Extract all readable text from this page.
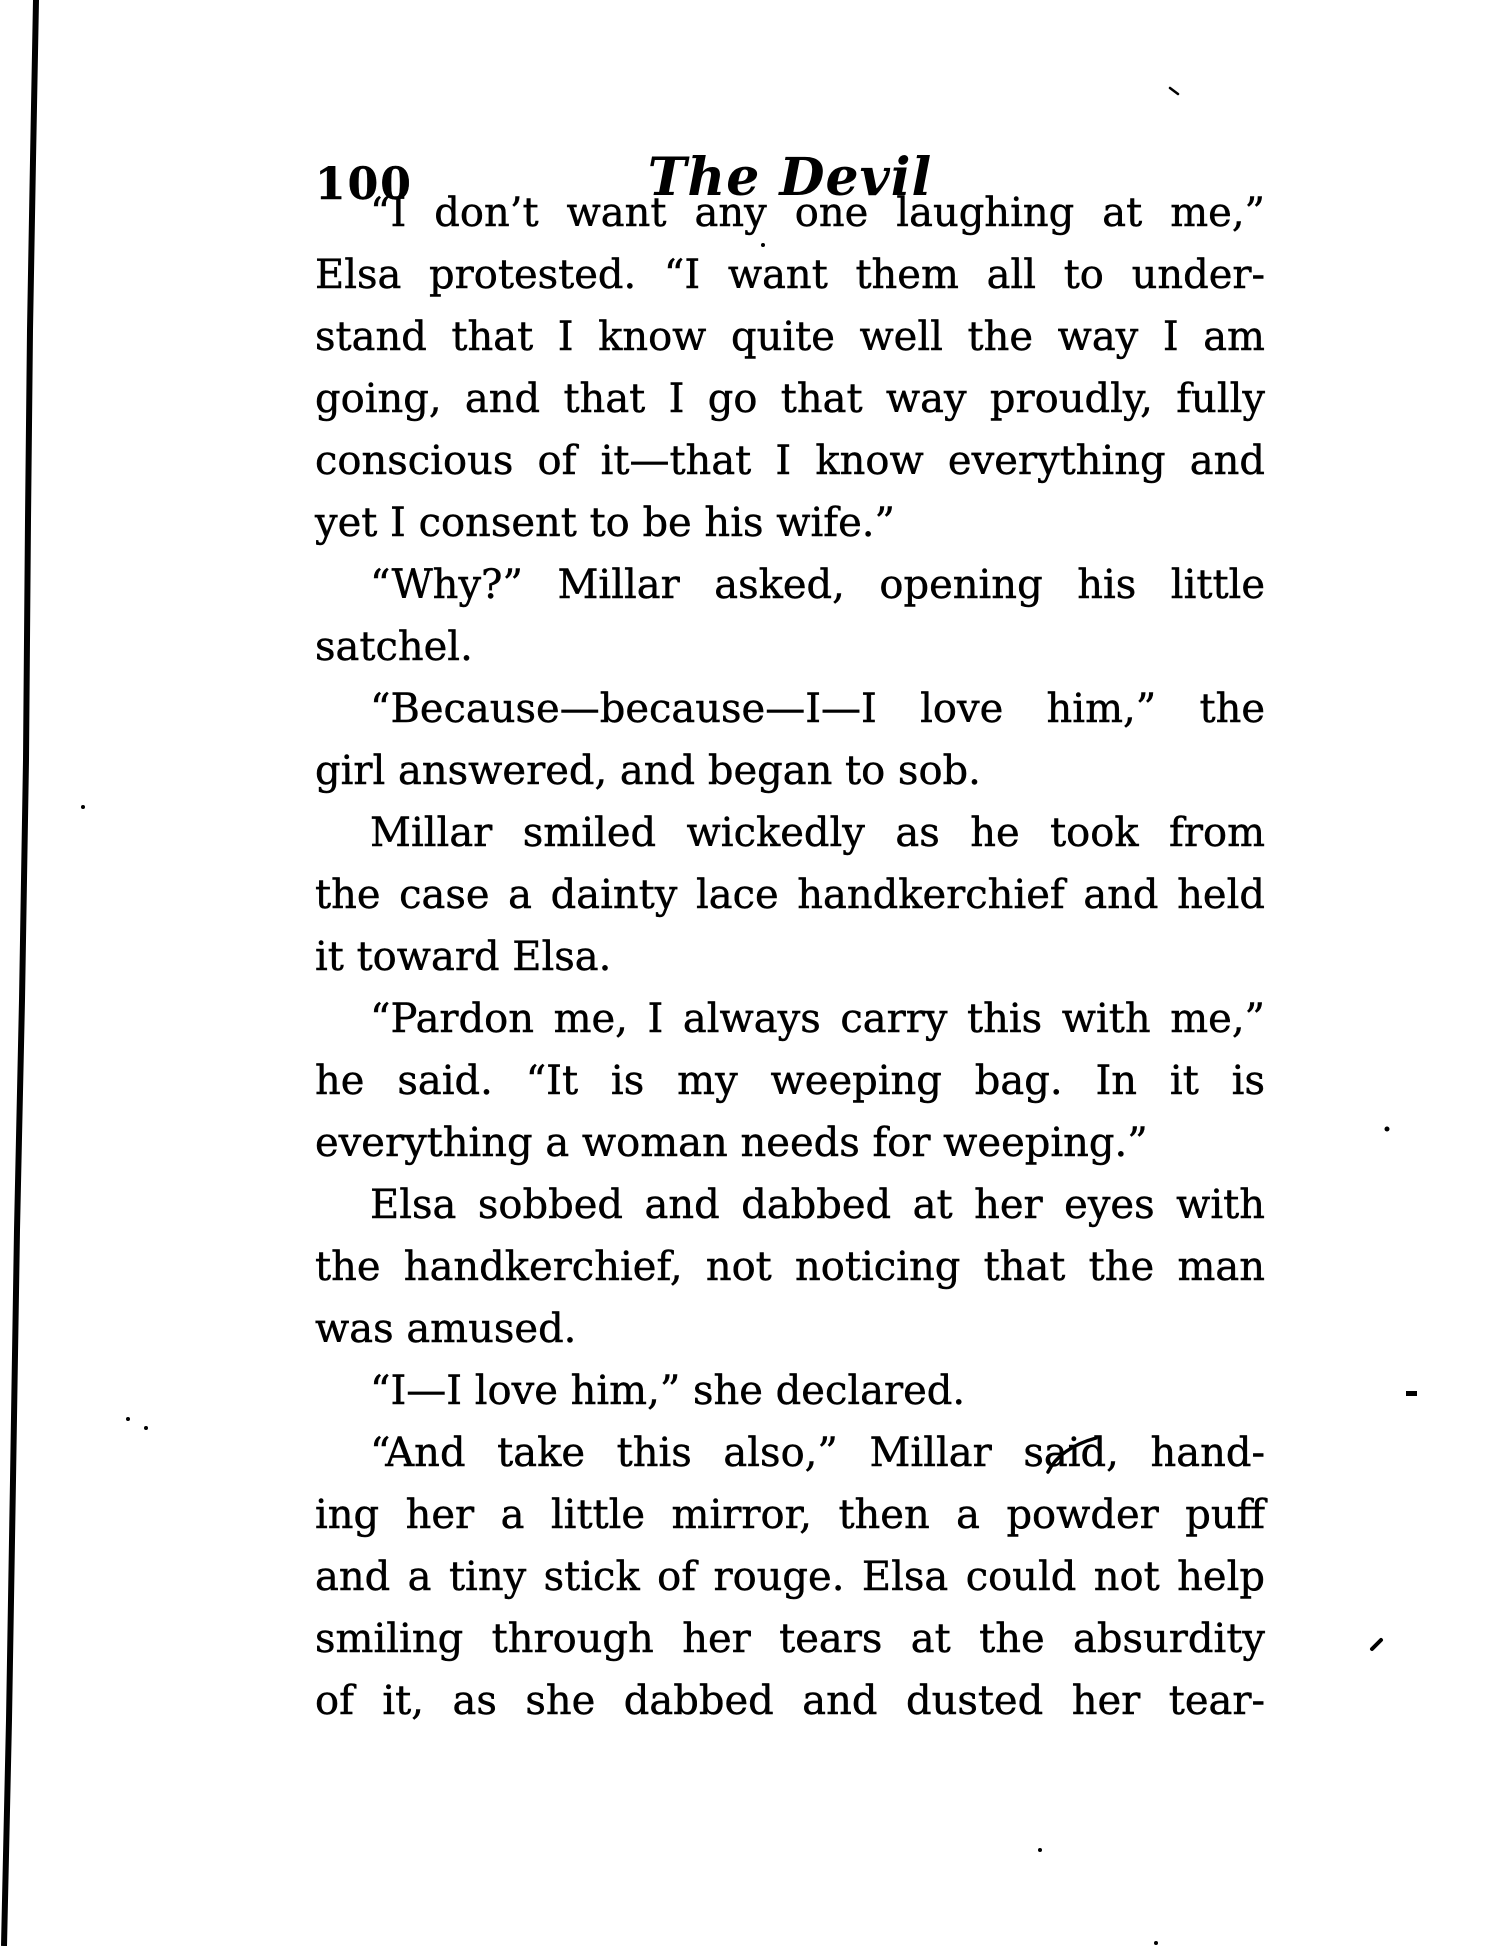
100	The Devil
“I don’t want any one laughing at me,”
Elsa protested. “I want them all to under-
stand that I know quite well the way I am
going, and that I go that way proudly, fully
conscious of it—that I know everything and
yet I consent to be his wife.”
“Why?” Millar asked, opening his little
satchel.
“Because—because—I—I love him,” the
girl answered, and began to sob.
Millar smiled wickedly as he took from
the case a dainty lace handkerchief and held
it toward Elsa.
“Pardon me, I always carry this with me,”
he said. “It is my weeping bag. In it is
everything a woman needs for weeping.”
Elsa sobbed and dabbed at her eyes with
the handkerchief, not noticing that the man
was amused.
“I—I love him,” she declared.
“And take this also,” Millar said, hand-
ing her a little mirror, then a powder puff
and a tiny stick of rouge. Elsa could not help
smiling through her tears at the absurdity
of it, as she dabbed and dusted her tear-
